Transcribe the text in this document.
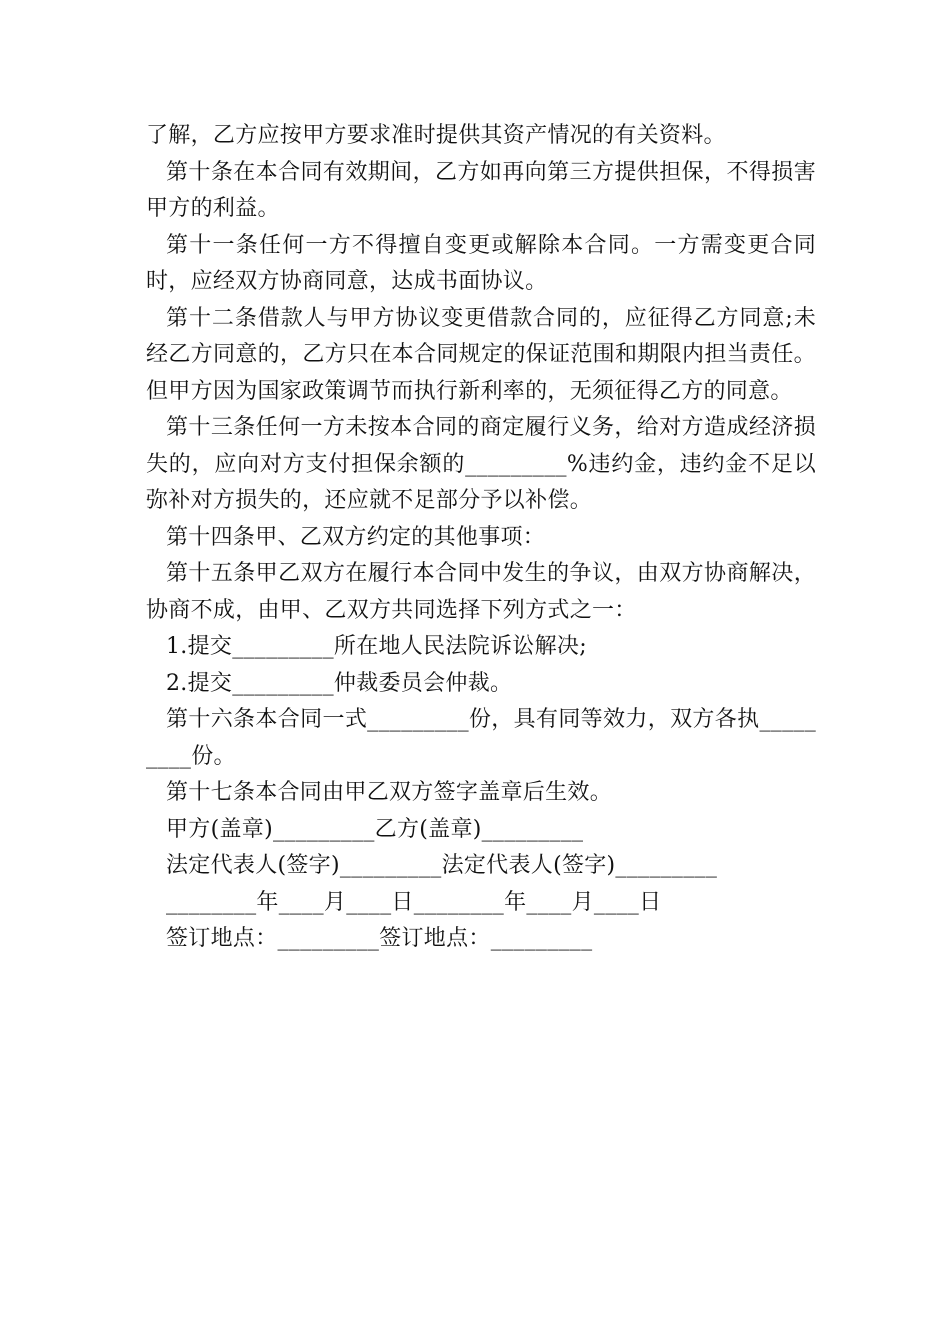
了解，乙方应按甲方要求准时提供其资产情况的有关资料。

第十条在本合同有效期间，乙方如再向第三方提供担保，不得损害甲方的利益。

第十一条任何一方不得擅自变更或解除本合同。一方需变更合同时，应经双方协商同意，达成书面协议。

第十二条借款人与甲方协议变更借款合同的，应征得乙方同意;未经乙方同意的，乙方只在本合同规定的保证范围和期限内担当责任。但甲方因为国家政策调节而执行新利率的，无须征得乙方的同意。

第十三条任何一方未按本合同的商定履行义务，给对方造成经济损失的，应向对方支付担保余额的_________%违约金，违约金不足以弥补对方损失的，还应就不足部分予以补偿。

第十四条甲、乙双方约定的其他事项：

第十五条甲乙双方在履行本合同中发生的争议，由双方协商解决，协商不成，由甲、乙双方共同选择下列方式之一：

1.提交_________所在地人民法院诉讼解决;

2.提交_________仲裁委员会仲裁。

第十六条本合同一式_________份，具有同等效力，双方各执_________份。

第十七条本合同由甲乙双方签字盖章后生效。

甲方(盖章)_________乙方(盖章)_________

法定代表人(签字)_________法定代表人(签字)_________

________年____月____日________年____月____日

签订地点：_________签订地点：_________
